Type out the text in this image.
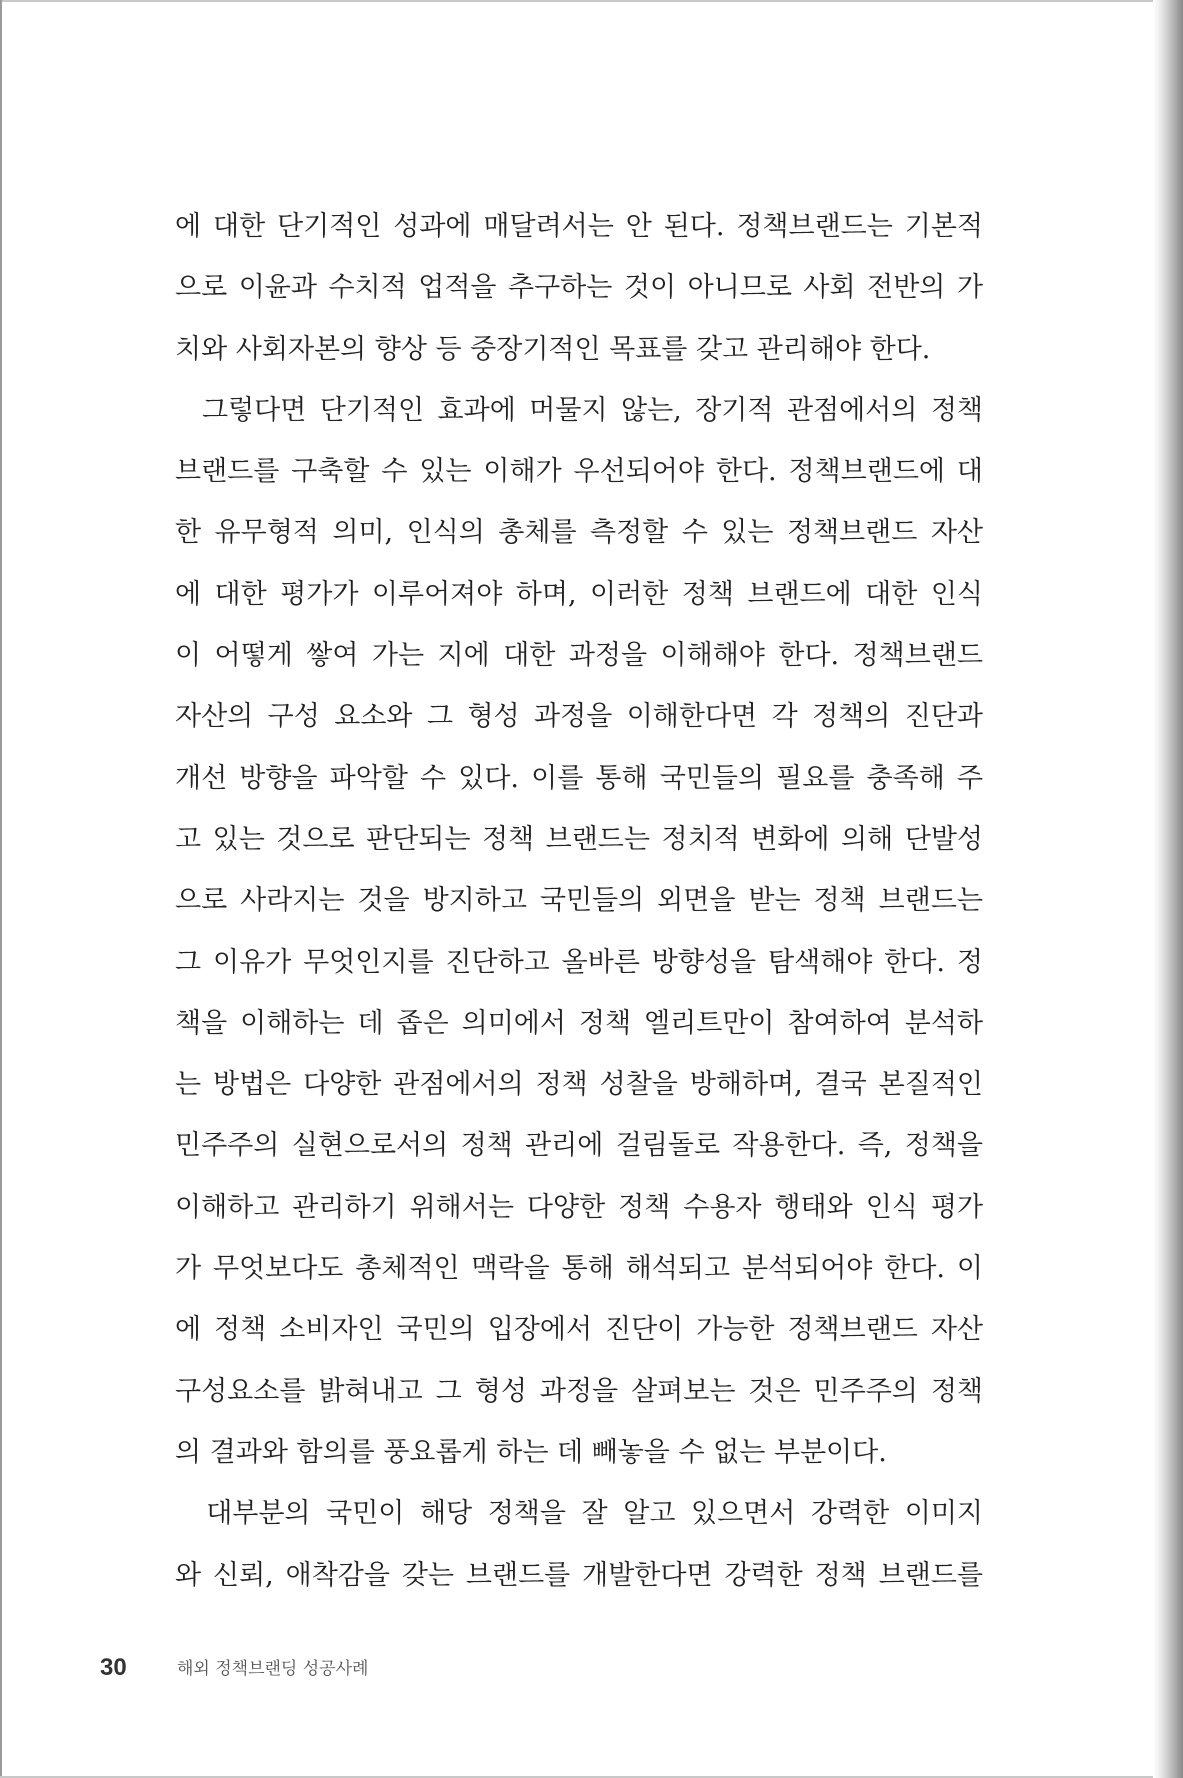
에 대한 단기적인 성과에 매달려서는 안 된다. 정책브랜드는 기본적
으로 이윤과 수치적 업적을 추구하는 것이 아니므로 사회 전반의 가
치와 사회자본의 향상 등 중장기적인 목표를 갖고 관리해야 한다.
그렇다면 단기적인 효과에 머물지 않는, 장기적 관점에서의 정책
브랜드를 구축할 수 있는 이해가 우선되어야 한다. 정책브랜드에 대
한 유무형적 의미, 인식의 총체를 측정할 수 있는 정책브랜드 자산
에 대한 평가가 이루어져야 하며, 이러한 정책 브랜드에 대한 인식
이 어떻게 쌓여 가는 지에 대한 과정을 이해해야 한다. 정책브랜드
자산의 구성 요소와 그 형성 과정을 이해한다면 각 정책의 진단과
개선 방향을 파악할 수 있다. 이를 통해 국민들의 필요를 충족해 주
고 있는 것으로 판단되는 정책 브랜드는 정치적 변화에 의해 단발성
으로 사라지는 것을 방지하고 국민들의 외면을 받는 정책 브랜드는
그 이유가 무엇인지를 진단하고 올바른 방향성을 탐색해야 한다. 정
책을 이해하는 데 좁은 의미에서 정책 엘리트만이 참여하여 분석하
는 방법은 다양한 관점에서의 정책 성찰을 방해하며, 결국 본질적인
민주주의 실현으로서의 정책 관리에 걸림돌로 작용한다. 즉, 정책을
이해하고 관리하기 위해서는 다양한 정책 수용자 행태와 인식 평가
가 무엇보다도 총체적인 맥락을 통해 해석되고 분석되어야 한다. 이
에 정책 소비자인 국민의 입장에서 진단이 가능한 정책브랜드 자산
구성요소를 밝혀내고 그 형성 과정을 살펴보는 것은 민주주의 정책
의 결과와 함의를 풍요롭게 하는 데 빼놓을 수 없는 부분이다.
대부분의 국민이 해당 정책을 잘 알고 있으면서 강력한 이미지
와 신뢰, 애착감을 갖는 브랜드를 개발한다면 강력한 정책 브랜드를
30	해외 정책브랜딩 성공사례
